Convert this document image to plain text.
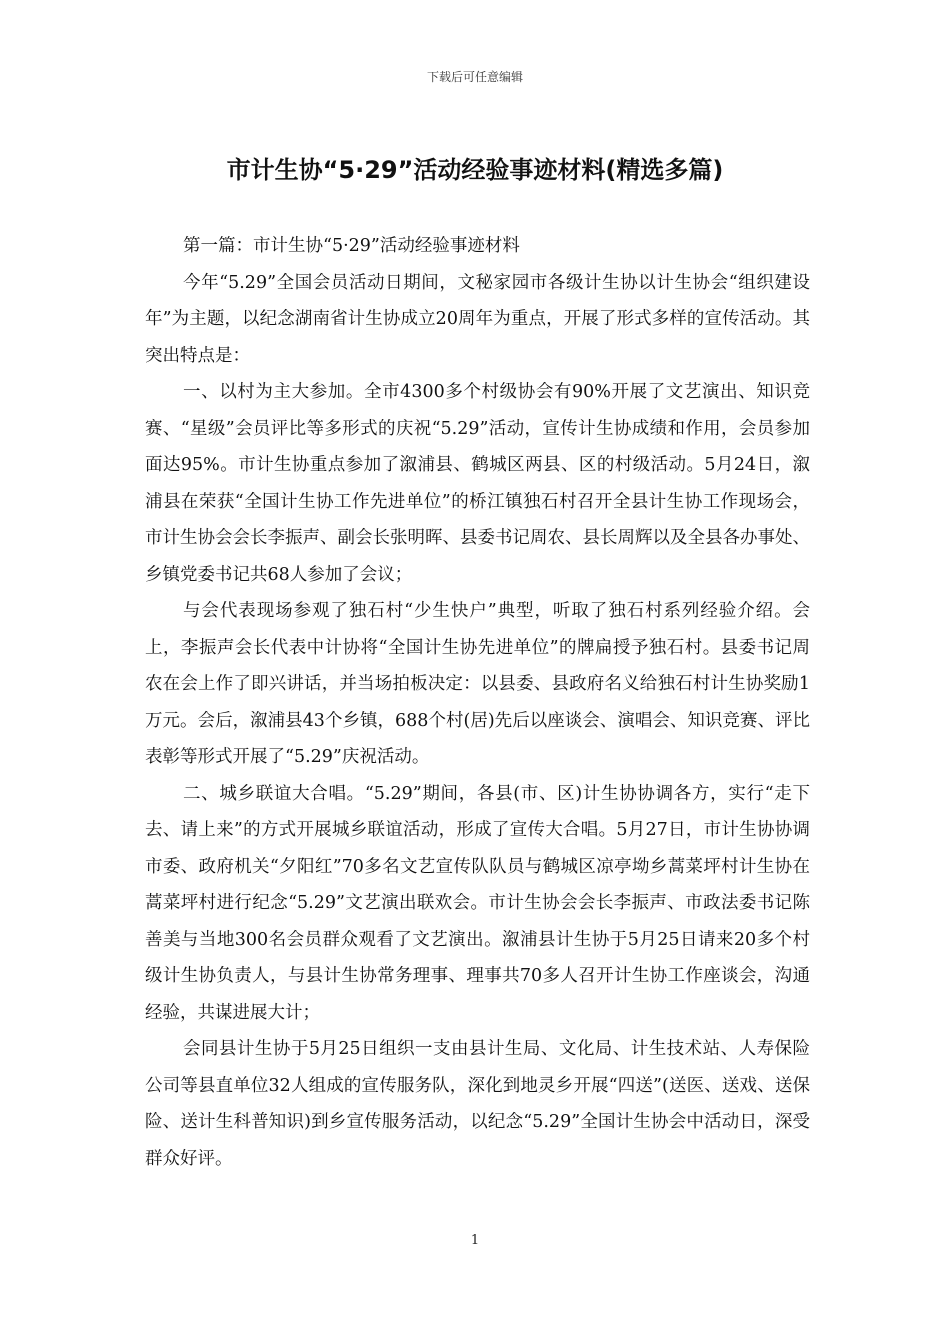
下载后可任意编辑
市计生协“5·29”活动经验事迹材料(精选多篇)

第一篇：市计生协“5·29”活动经验事迹材料

今年“5.29”全国会员活动日期间，文秘家园市各级计生协以计生协会“组织建设年”为主题，以纪念湖南省计生协成立20周年为重点，开展了形式多样的宣传活动。其突出特点是：

一、以村为主大参加。全市4300多个村级协会有90%开展了文艺演出、知识竞赛、“星级”会员评比等多形式的庆祝“5.29”活动，宣传计生协成绩和作用，会员参加面达95%。市计生协重点参加了溆浦县、鹤城区两县、区的村级活动。5月24日，溆浦县在荣获“全国计生协工作先进单位”的桥江镇独石村召开全县计生协工作现场会，市计生协会会长李振声、副会长张明晖、县委书记周农、县长周辉以及全县各办事处、乡镇党委书记共68人参加了会议；

与会代表现场参观了独石村“少生快户”典型，听取了独石村系列经验介绍。会上，李振声会长代表中计协将“全国计生协先进单位”的牌扁授予独石村。县委书记周农在会上作了即兴讲话，并当场拍板决定：以县委、县政府名义给独石村计生协奖励1万元。会后，溆浦县43个乡镇，688个村(居)先后以座谈会、演唱会、知识竞赛、评比表彰等形式开展了“5.29”庆祝活动。

二、城乡联谊大合唱。“5.29”期间，各县(市、区)计生协协调各方，实行“走下去、请上来”的方式开展城乡联谊活动，形成了宣传大合唱。5月27日，市计生协协调市委、政府机关“夕阳红”70多名文艺宣传队队员与鹤城区凉亭坳乡蒿菜坪村计生协在蒿菜坪村进行纪念“5.29”文艺演出联欢会。市计生协会会长李振声、市政法委书记陈善美与当地300名会员群众观看了文艺演出。溆浦县计生协于5月25日请来20多个村级计生协负责人，与县计生协常务理事、理事共70多人召开计生协工作座谈会，沟通经验，共谋进展大计；

会同县计生协于5月25日组织一支由县计生局、文化局、计生技术站、人寿保险公司等县直单位32人组成的宣传服务队，深化到地灵乡开展“四送”(送医、送戏、送保险、送计生科普知识)到乡宣传服务活动，以纪念“5.29”全国计生协会中活动日，深受群众好评。

1
